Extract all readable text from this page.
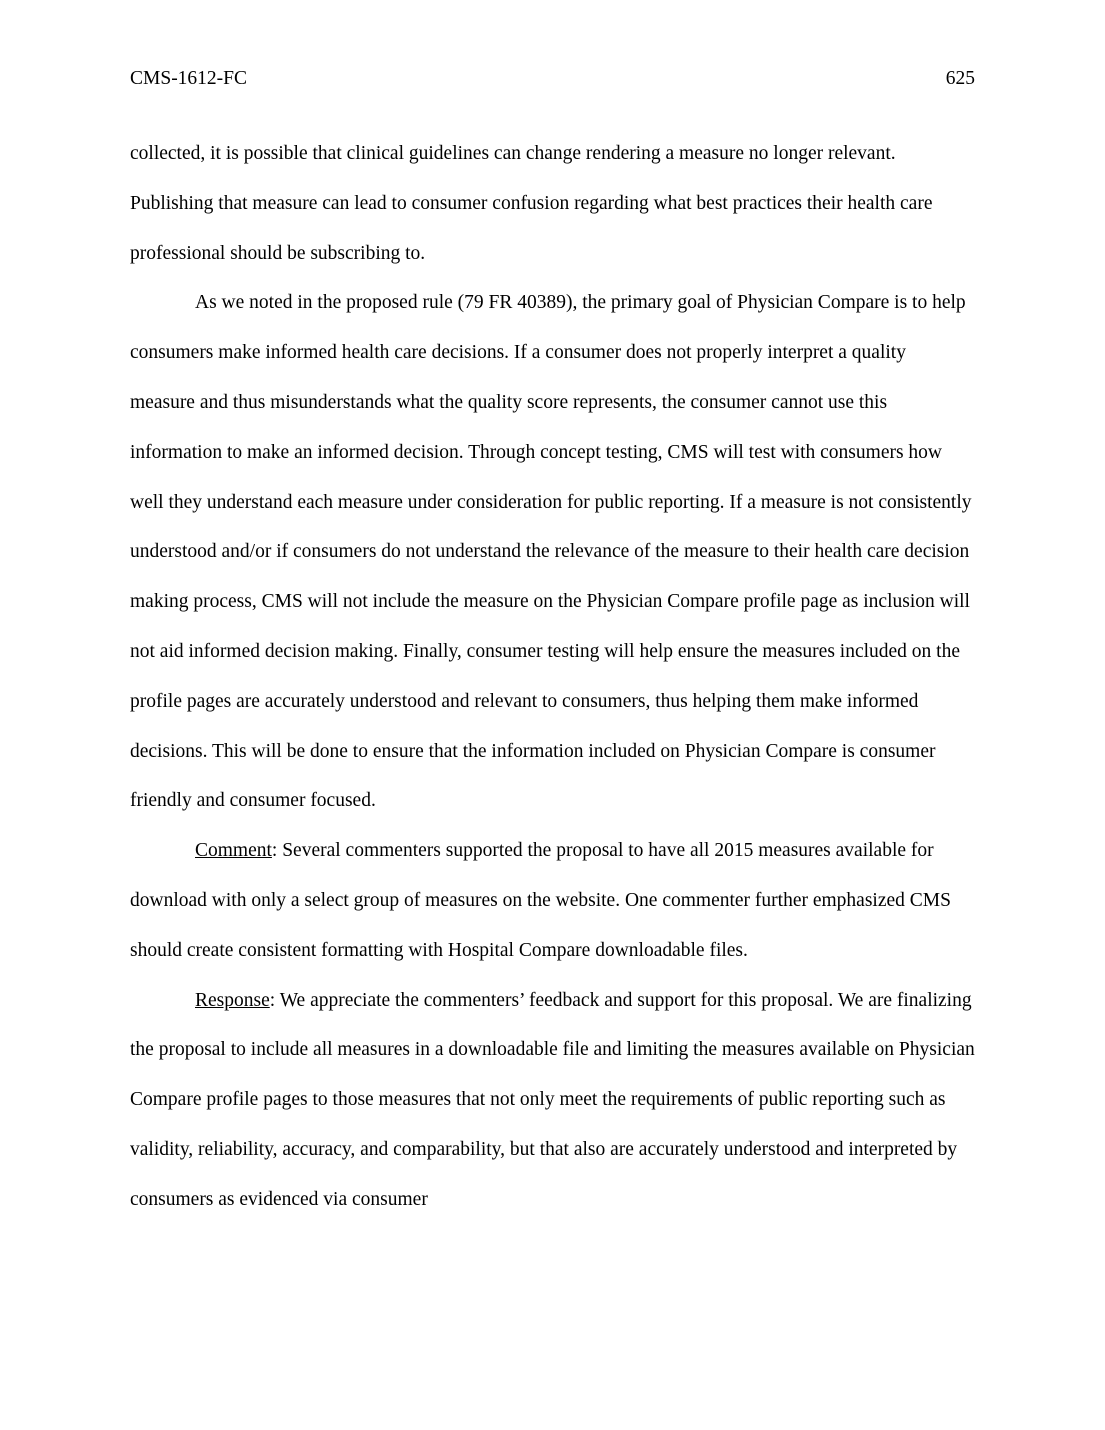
CMS-1612-FC	625

collected, it is possible that clinical guidelines can change rendering a measure no longer relevant. Publishing that measure can lead to consumer confusion regarding what best practices their health care professional should be subscribing to.

As we noted in the proposed rule (79 FR 40389), the primary goal of Physician Compare is to help consumers make informed health care decisions. If a consumer does not properly interpret a quality measure and thus misunderstands what the quality score represents, the consumer cannot use this information to make an informed decision. Through concept testing, CMS will test with consumers how well they understand each measure under consideration for public reporting. If a measure is not consistently understood and/or if consumers do not understand the relevance of the measure to their health care decision making process, CMS will not include the measure on the Physician Compare profile page as inclusion will not aid informed decision making. Finally, consumer testing will help ensure the measures included on the profile pages are accurately understood and relevant to consumers, thus helping them make informed decisions. This will be done to ensure that the information included on Physician Compare is consumer friendly and consumer focused.

Comment: Several commenters supported the proposal to have all 2015 measures available for download with only a select group of measures on the website. One commenter further emphasized CMS should create consistent formatting with Hospital Compare downloadable files.

Response: We appreciate the commenters’ feedback and support for this proposal. We are finalizing the proposal to include all measures in a downloadable file and limiting the measures available on Physician Compare profile pages to those measures that not only meet the requirements of public reporting such as validity, reliability, accuracy, and comparability, but that also are accurately understood and interpreted by consumers as evidenced via consumer
